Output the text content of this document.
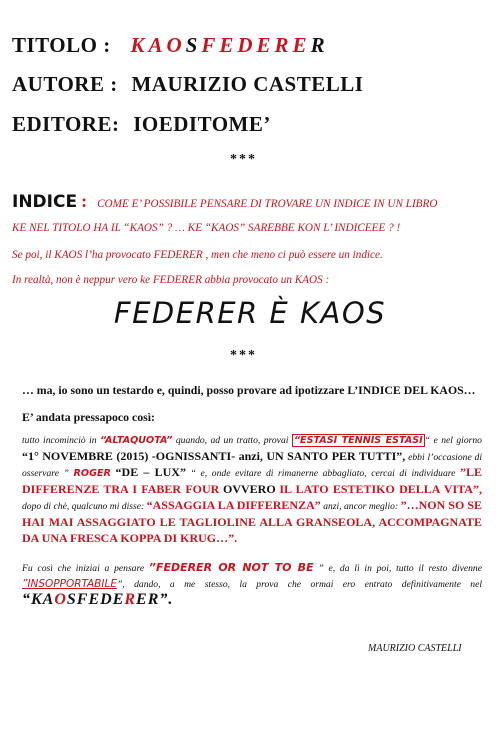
TITOLO : KAOSFEDERER
AUTORE : MAURIZIO CASTELLI
EDITORE: IOEDITOME’
***
INDICE : COME E’ POSSIBILE PENSARE DI TROVARE UN INDICE IN UN LIBRO
KE NEL TITOLO HA IL “KAOS” ? … KE “KAOS” SAREBBE KON L’ INDICEEE ? !
Se poi, il KAOS l’ha provocato FEDERER , men che meno ci può essere un indice.
In realtà, non è neppur vero ke FEDERER abbia provocato un KAOS :
FEDERER È KAOS
***
… ma, io sono un testardo e, quindi, posso provare ad ipotizzare L’INDICE DEL KAOS…
E’ andata pressapoco così:
tutto incominciò in “ALTAQUOTA” quando, ad un tratto, provai “ESTASI TENNIS ESTASI “ e nel giorno “1° NOVEMBRE (2015) -OGNISSANTI- anzi, UN SANTO PER TUTTI”, ebbi l’occasione di osservare ” ROGER “DE – LUX” “ e, onde evitare di rimanerne abbagliato, cercai di individuare ”LE DIFFERENZE TRA I FABER FOUR OVVERO IL LATO ESTETIKO DELLA VITA”, dopo di chè, qualcuno mi disse: “ASSAGGIA LA DIFFERENZA” anzi, ancor meglio: ”…NON SO SE HAI MAI ASSAGGIATO LE TAGLIOLINE ALLA GRANSEOLA, ACCOMPAGNATE DA UNA FRESCA KOPPA DI KRUG…”.
Fu così che iniziai a pensare ”FEDERER OR NOT TO BE ” e, da lì in poi, tutto il resto divenne ”INSOPPORTABILE”, dando, a me stesso, la prova che ormai ero entrato definitivamente nel “KAOSFEDERER”.
MAURIZIO CASTELLI
